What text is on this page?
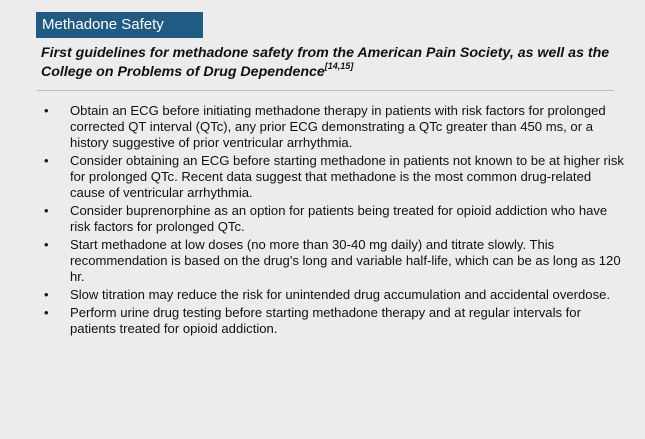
Methadone Safety
First guidelines for methadone safety from the American Pain Society, as well as the College on Problems of Drug Dependence[14,15]
•	Obtain an ECG before initiating methadone therapy in patients with risk factors for prolonged corrected QT interval (QTc), any prior ECG demonstrating a QTc greater than 450 ms, or a history suggestive of prior ventricular arrhythmia.
•	Consider obtaining an ECG before starting methadone in patients not known to be at higher risk for prolonged QTc. Recent data suggest that methadone is the most common drug-related cause of ventricular arrhythmia.
•	Consider buprenorphine as an option for patients being treated for opioid addiction who have risk factors for prolonged QTc.
•	Start methadone at low doses (no more than 30-40 mg daily) and titrate slowly. This recommendation is based on the drug's long and variable half-life, which can be as long as 120 hr.
•	Slow titration may reduce the risk for unintended drug accumulation and accidental overdose.
•	Perform urine drug testing before starting methadone therapy and at regular intervals for patients treated for opioid addiction.
